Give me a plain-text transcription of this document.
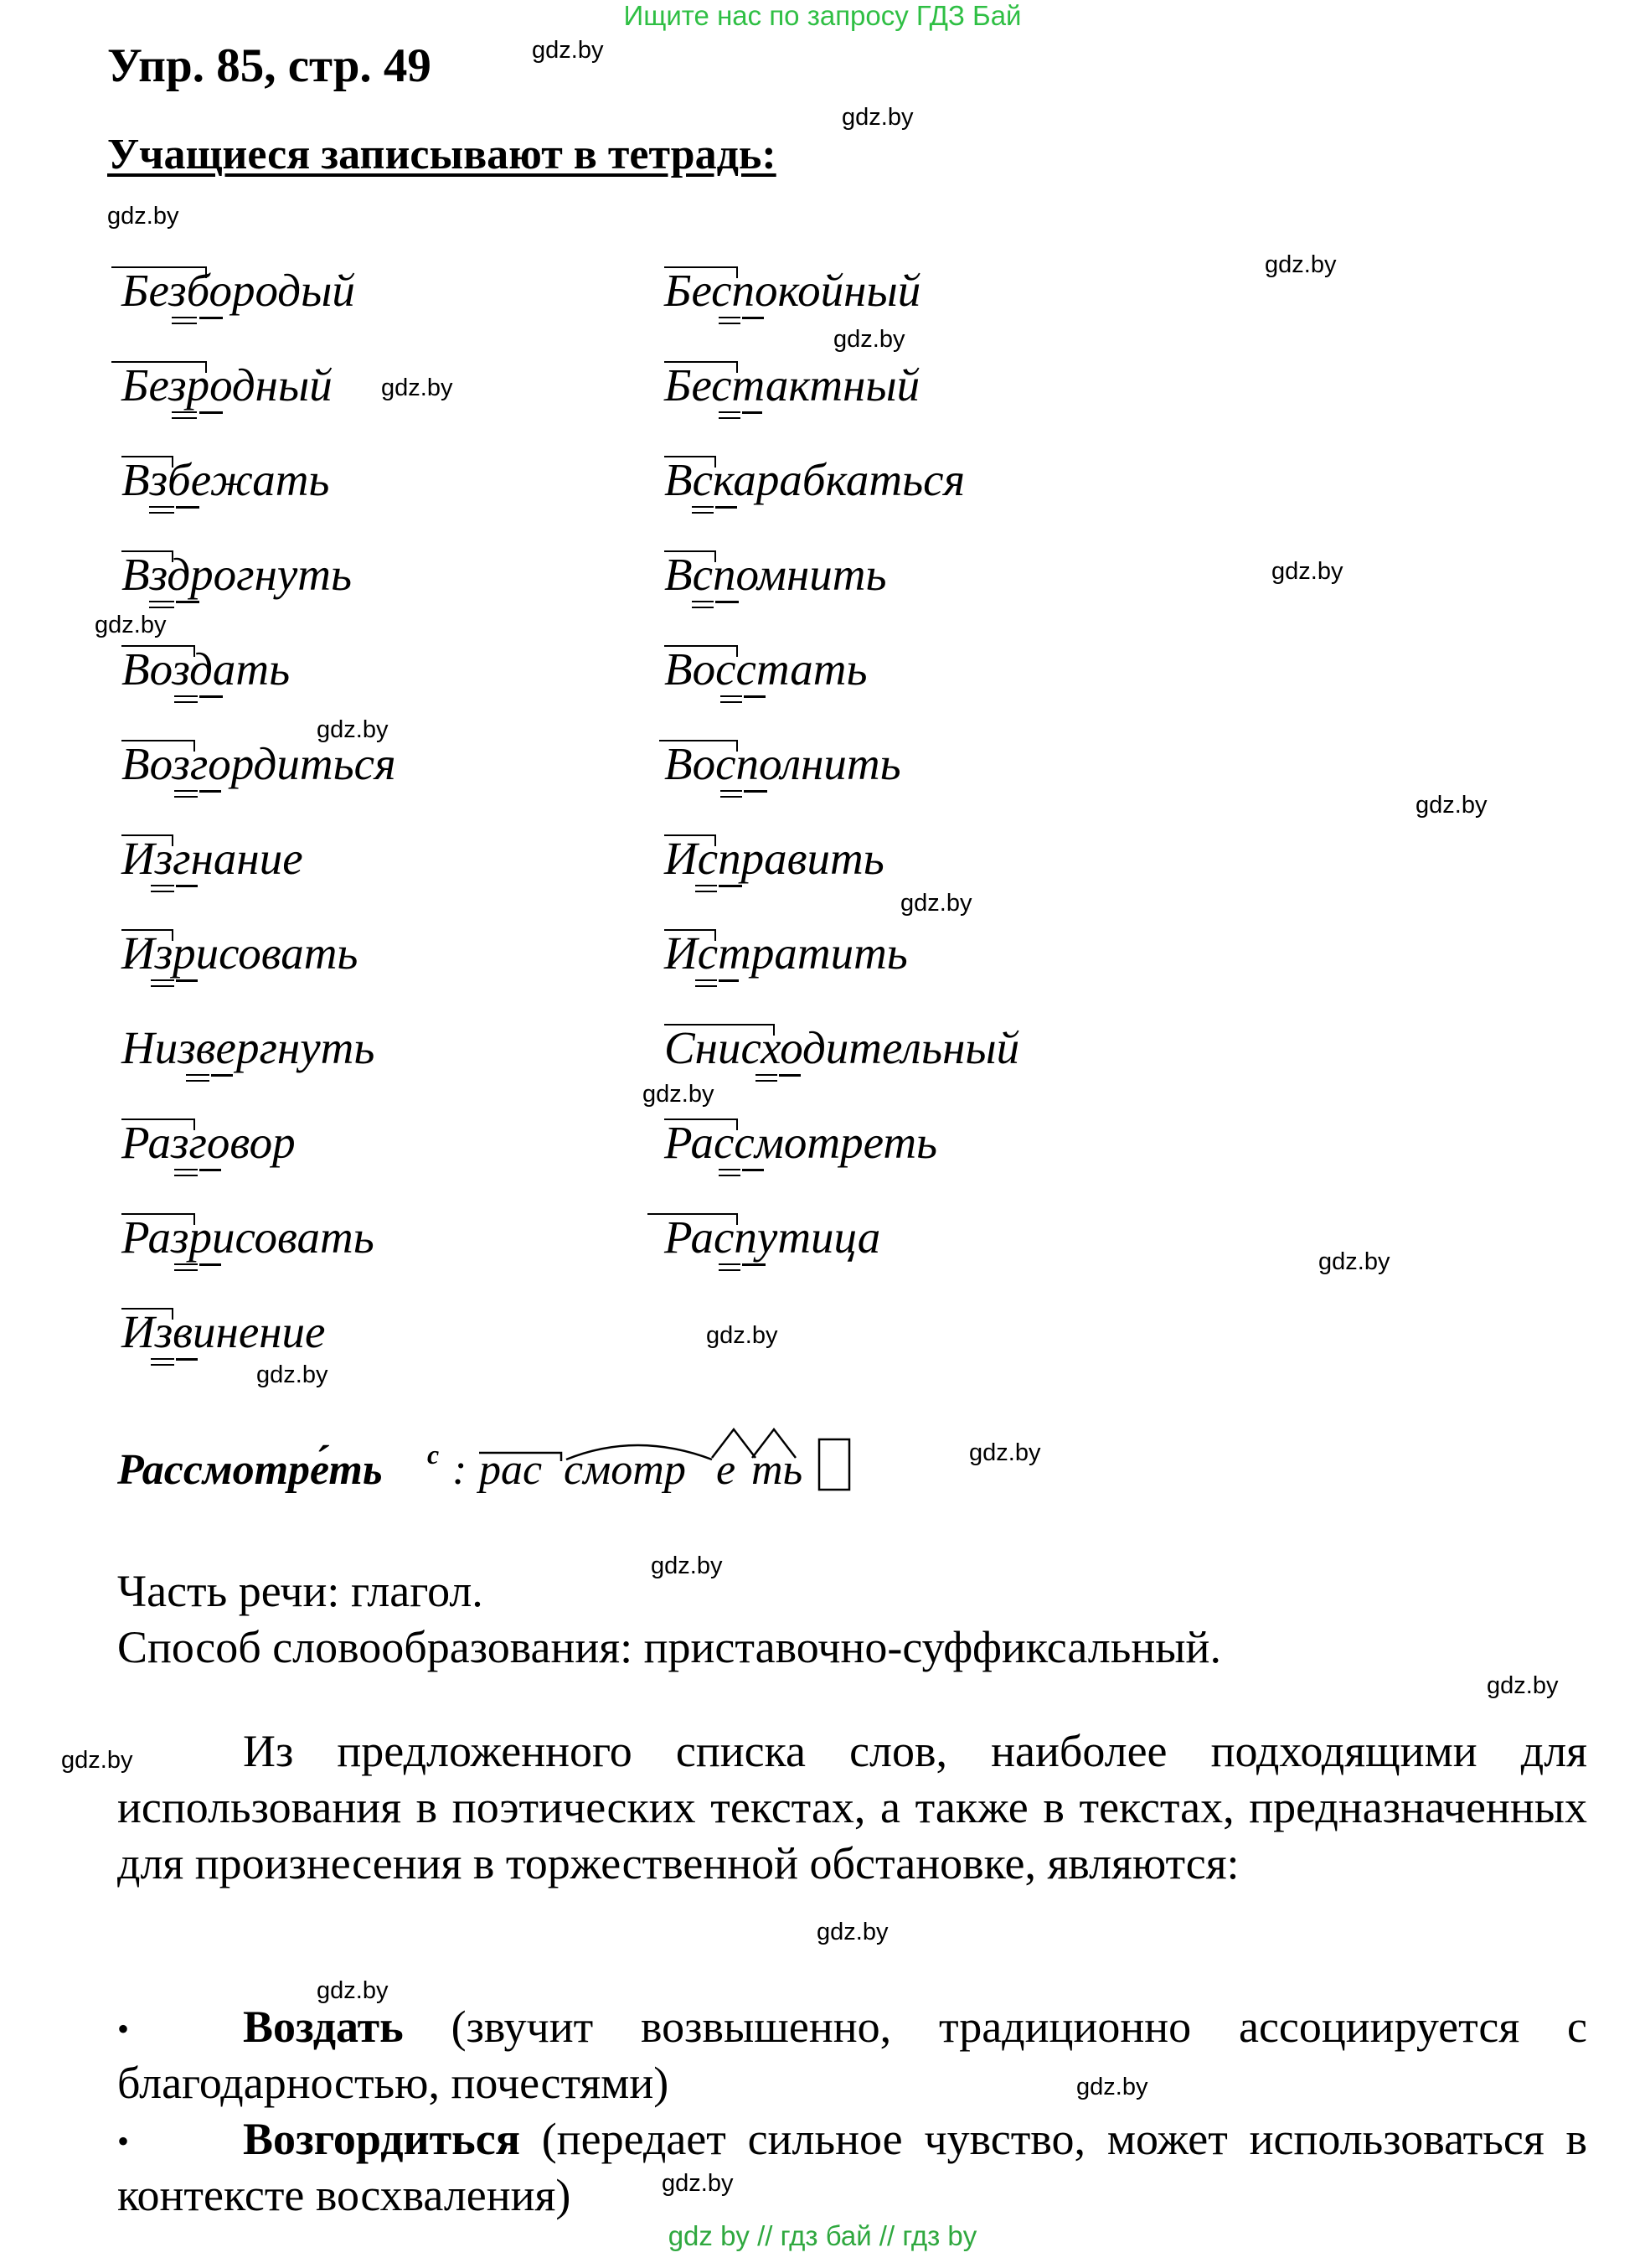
Ищите нас по запросу ГДЗ Бай
Упр. 85, стр. 49
Учащиеся записывают в тетрадь:
gdz.by
gdz.by
gdz.by
gdz.by
gdz.by
gdz.by
gdz.by
gdz.by
gdz.by
gdz.by
gdz.by
gdz.by
gdz.by
gdz.by
gdz.by
gdz.by
gdz.by
gdz.by
gdz.by
gdz.by
gdz.by
gdz.by
gdz.by
Безбородый
Безродный
Взбежать
Вздрогнуть
Воздать
Возгордиться
Изгнание
Изрисовать
Низвергнуть
Разговор
Разрисовать
Извинение
Беспокойный
Бестактный
Вскарабкаться
Вспомнить
Восстать
Восполнить
Исправить
Истратить
Снисходительный
Рассмотреть
Распутица
Рассмотре́ть с : рас смотр е ть
Часть речи: глагол.
Способ словообразования: приставочно-суффиксальный.
Из предложенного списка слов, наиболее подходящими для использования в поэтических текстах, а также в текстах, предназначенных для произнесения в торжественной обстановке, являются:
•	Воздать (звучит возвышенно, традиционно ассоциируется с благодарностью, почестями)
•	Возгордиться (передает сильное чувство, может использоваться в контексте восхваления)
gdz by // гдз бай // гдз by
